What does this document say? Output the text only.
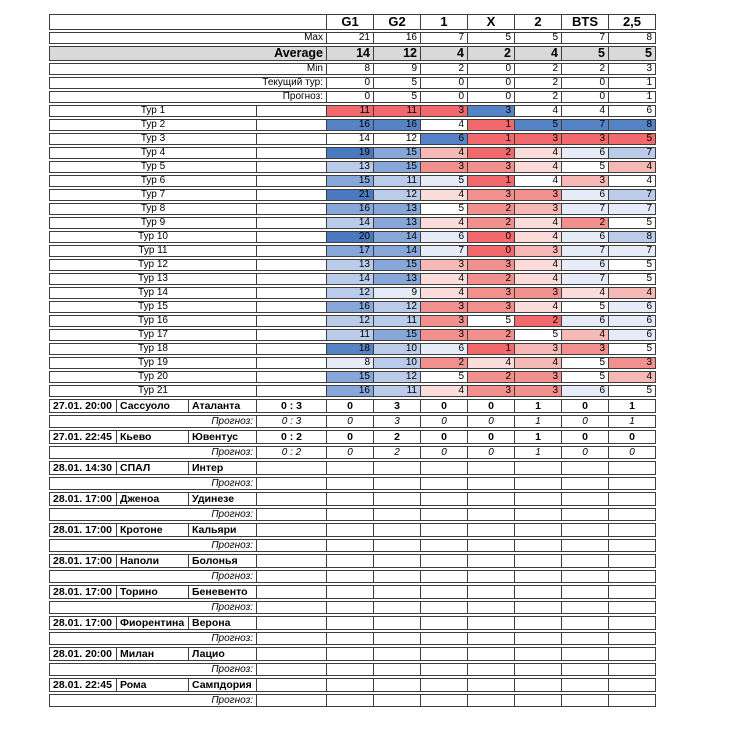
				G1	G2	1	X	2	BTS	2,5
Max				21	16	7	5	5	7	8
Average				14	12	4	2	4	5	5
Min				8	9	2	0	2	2	3
Текущий тур:				0	5	0	0	2	0	1
Прогноз:				0	5	0	0	2	0	1
Тур 1				11	11	3	3	4	4	6
Тур 2				16	16	4	1	5	7	8
Тур 3				14	12	6	1	3	3	5
Тур 4				19	15	4	2	4	6	7
Тур 5				13	15	3	3	4	5	4
Тур 6				15	11	5	1	4	3	4
Тур 7				21	12	4	3	3	6	7
Тур 8				16	13	5	2	3	7	7
Тур 9				14	13	4	2	4	2	5
Тур 10				20	14	6	0	4	6	8
Тур 11				17	14	7	0	3	7	7
Тур 12				13	15	3	3	4	6	5
Тур 13				14	13	4	2	4	7	5
Тур 14				12	9	4	3	3	4	4
Тур 15				16	12	3	3	4	5	6
Тур 16				12	11	3	5	2	6	6
Тур 17				11	15	3	2	5	4	6
Тур 18				18	10	6	1	3	3	5
Тур 19				8	10	2	4	4	5	3
Тур 20				15	12	5	2	3	5	4
Тур 21				16	11	4	3	3	6	5
27.01. 20:00	Сассуоло	Аталанта	0 : 3	0	3	0	0	1	0	1
Прогноз:			0 : 3	0	3	0	0	1	0	1
27.01. 22:45	Кьево	Ювентус	0 : 2	0	2	0	0	1	0	0
Прогноз:			0 : 2	0	2	0	0	1	0	0
28.01. 14:30	СПАЛ	Интер								
Прогноз:										
28.01. 17:00	Дженоа	Удинезе								
Прогноз:										
28.01. 17:00	Кротоне	Кальяри								
Прогноз:										
28.01. 17:00	Наполи	Болонья								
Прогноз:										
28.01. 17:00	Торино	Беневенто								
Прогноз:										
28.01. 17:00	Фиорентина	Верона								
Прогноз:										
28.01. 20:00	Милан	Лацио								
Прогноз:										
28.01. 22:45	Рома	Сампдория								
Прогноз:										
